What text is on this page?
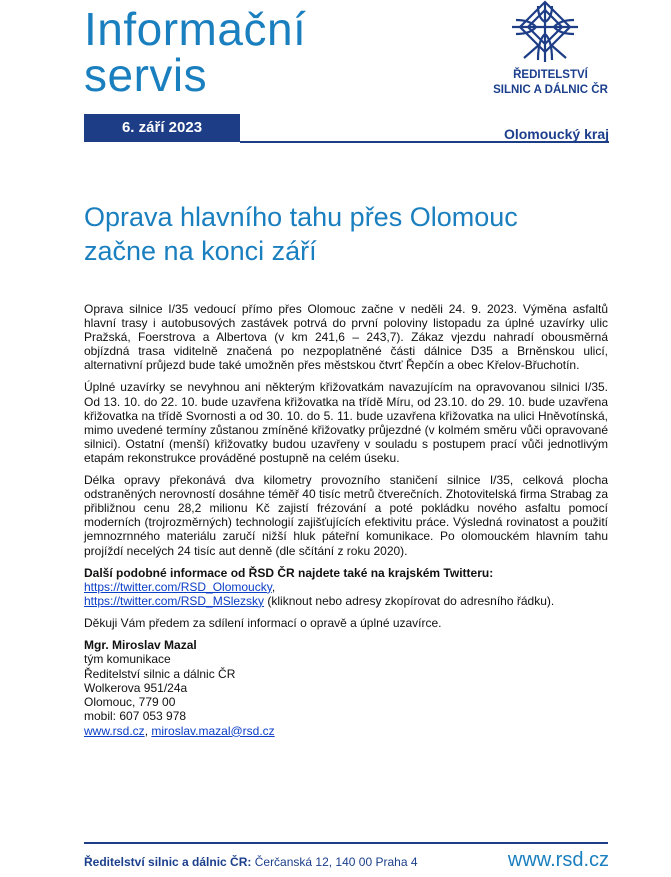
Informační
servis	ŘEDITELSTVÍ
SILNIC A DÁLNIC ČR
6. září 2023	Olomoucký kraj
Oprava hlavního tahu přes Olomouc
začne na konci září

Oprava silnice I/35 vedoucí přímo přes Olomouc začne v neděli 24. 9. 2023. Výměna asfaltů hlavní trasy i autobusových zastávek potrvá do první poloviny listopadu za úplné uzavírky ulic Pražská, Foerstrova a Albertova (v km 241,6 – 243,7). Zákaz vjezdu nahradí obousměrná objízdná trasa viditelně značená po nezpoplatněné části dálnice D35 a Brněnskou ulicí, alternativní průjezd bude také umožněn přes městskou čtvrť Řepčín a obec Křelov-Břuchotín.

Úplné uzavírky se nevyhnou ani některým křižovatkám navazujícím na opravovanou silnici I/35. Od 13. 10. do 22. 10. bude uzavřena křižovatka na třídě Míru, od 23.10. do 29. 10. bude uzavřena křižovatka na třídě Svornosti a od 30. 10. do 5. 11. bude uzavřena křižovatka na ulici Hněvotínská, mimo uvedené termíny zůstanou zmíněné křižovatky průjezdné (v kolmém směru vůči opravované silnici). Ostatní (menší) křižovatky budou uzavřeny v souladu s postupem prací vůči jednotlivým etapám rekonstrukce prováděné postupně na celém úseku.

Délka opravy překonává dva kilometry provozního staničení silnice I/35, celková plocha odstraněných nerovností dosáhne téměř 40 tisíc metrů čtverečních. Zhotovitelská firma Strabag za přibližnou cenu 28,2 milionu Kč zajistí frézování a poté pokládku nového asfaltu pomocí moderních (trojrozměrných) technologií zajišťujících efektivitu práce. Výsledná rovinatost a použití jemnozrnného materiálu zaručí nižší hluk páteřní komunikace. Po olomouckém hlavním tahu projíždí necelých 24 tisíc aut denně (dle sčítání z roku 2020).

Další podobné informace od ŘSD ČR najdete také na krajském Twitteru:
https://twitter.com/RSD_Olomoucky,
https://twitter.com/RSD_MSlezsky (kliknout nebo adresy zkopírovat do adresního řádku).

Děkuji Vám předem za sdílení informací o opravě a úplné uzavírce.

Mgr. Miroslav Mazal
tým komunikace
Ředitelství silnic a dálnic ČR
Wolkerova 951/24a
Olomouc, 779 00
mobil: 607 053 978
www.rsd.cz, miroslav.mazal@rsd.cz
Ředitelství silnic a dálnic ČR: Čerčanská 12, 140 00 Praha 4	www.rsd.cz
